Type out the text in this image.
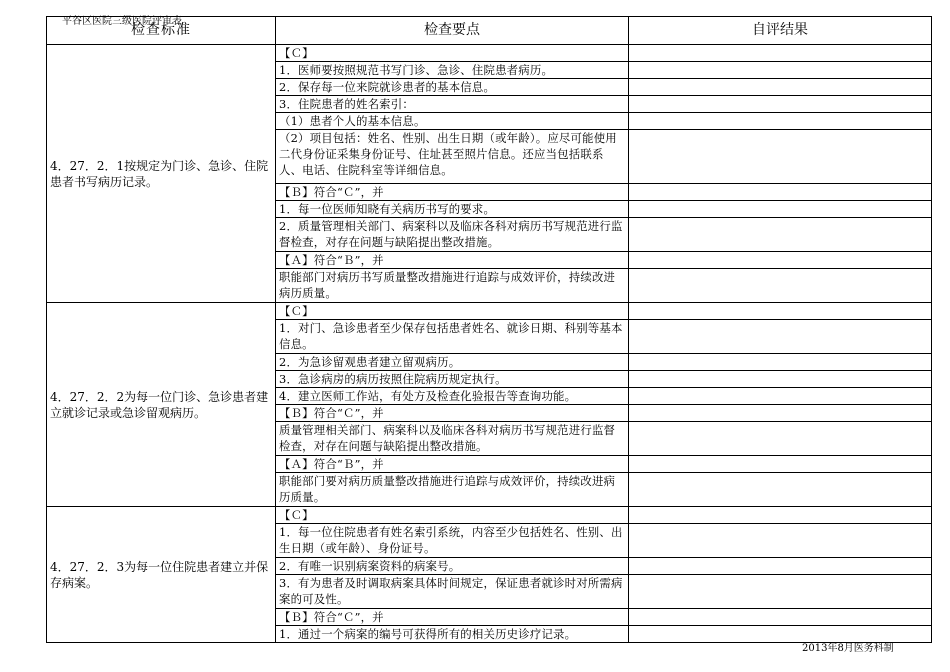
平谷区医院三级医院评审表
检查标准	检查要点	自评结果
4．27．2．1按规定为门诊、急诊、住院患者书写病历记录。	【Ｃ】	
	1．医师要按照规范书写门诊、急诊、住院患者病历。	
	2．保存每一位来院就诊患者的基本信息。	
	3．住院患者的姓名索引：	
	（1）患者个人的基本信息。	
	（2）项目包括：姓名、性别、出生日期（或年龄）。应尽可能使用二代身份证采集身份证号、住址甚至照片信息。还应当包括联系人、电话、住院科室等详细信息。	
	【Ｂ】符合“Ｃ”，并	
	1．每一位医师知晓有关病历书写的要求。	
	2．质量管理相关部门、病案科以及临床各科对病历书写规范进行监督检查，对存在问题与缺陷提出整改措施。	
	【Ａ】符合“Ｂ”，并	
	职能部门对病历书写质量整改措施进行追踪与成效评价，持续改进病历质量。	
4．27．2．2为每一位门诊、急诊患者建立就诊记录或急诊留观病历。	【Ｃ】	
	1．对门、急诊患者至少保存包括患者姓名、就诊日期、科别等基本信息。	
	2．为急诊留观患者建立留观病历。	
	3．急诊病房的病历按照住院病历规定执行。	
	4．建立医师工作站，有处方及检查化验报告等查询功能。	
	【Ｂ】符合“Ｃ”，并	
	质量管理相关部门、病案科以及临床各科对病历书写规范进行监督检查，对存在问题与缺陷提出整改措施。	
	【Ａ】符合“Ｂ”，并	
	职能部门要对病历质量整改措施进行追踪与成效评价，持续改进病历质量。	
4．27．2．3为每一位住院患者建立并保存病案。	【Ｃ】	
	1．每一位住院患者有姓名索引系统，内容至少包括姓名、性别、出生日期（或年龄）、身份证号。	
	2．有唯一识别病案资料的病案号。	
	3．有为患者及时调取病案具体时间规定，保证患者就诊时对所需病案的可及性。	
	【Ｂ】符合“Ｃ”，并	
	1．通过一个病案的编号可获得所有的相关历史诊疗记录。	
2013年8月医务科制
